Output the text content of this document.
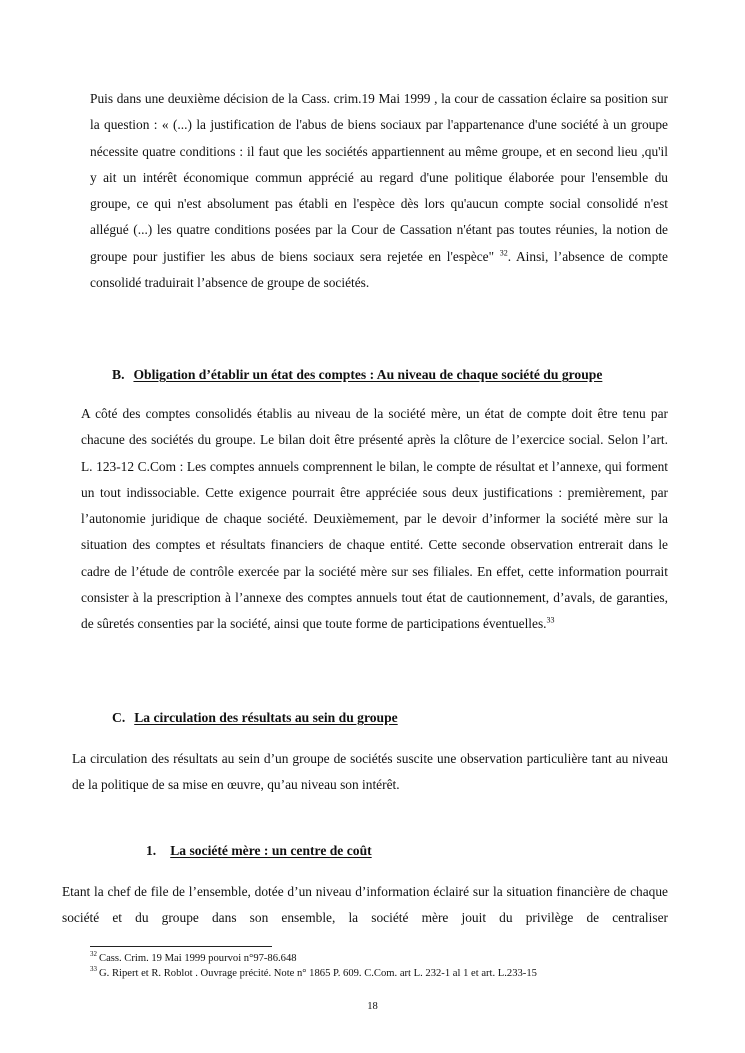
Puis dans une deuxième décision de la Cass. crim.19 Mai 1999 , la cour de cassation éclaire sa position sur la question : « (...) la justification de l'abus de biens sociaux par l'appartenance d'une société à un groupe nécessite quatre conditions : il faut que les sociétés appartiennent au même groupe, et en second lieu ,qu'il y ait un intérêt économique commun apprécié au regard d'une politique élaborée pour l'ensemble du groupe, ce qui n'est absolument pas établi en l'espèce dès lors qu'aucun compte social consolidé n'est allégué (...) les quatre conditions posées par la Cour de Cassation n'étant pas toutes réunies, la notion de groupe pour justifier les abus de biens sociaux sera rejetée en l'espèce" $^{32}$. Ainsi, l’absence de compte consolidé traduirait l’absence de groupe de sociétés.

B. Obligation d’établir un état des comptes : Au niveau de chaque société du groupe

A côté des comptes consolidés établis au niveau de la société mère, un état de compte doit être tenu par chacune des sociétés du groupe. Le bilan doit être présenté après la clôture de l’exercice social. Selon l’art. L. 123-12 C.Com : Les comptes annuels comprennent le bilan, le compte de résultat et l’annexe, qui forment un tout indissociable. Cette exigence pourrait être appréciée sous deux justifications : premièrement, par l’autonomie juridique de chaque société. Deuxièmement, par le devoir d’informer la société mère sur la situation des comptes et résultats financiers de chaque entité. Cette seconde observation entrerait dans le cadre de l’étude de contrôle exercée par la société mère sur ses filiales. En effet, cette information pourrait consister à la prescription à l’annexe des comptes annuels tout état de cautionnement, d’avals, de garanties, de sûretés consenties par la société, ainsi que toute forme de participations éventuelles.$^{33}$

C. La circulation des résultats au sein du groupe

La circulation des résultats au sein d’un groupe de sociétés suscite une observation particulière tant au niveau de la politique de sa mise en œuvre, qu’au niveau son intérêt.

1. La société mère : un centre de coût

Etant la chef de file de l’ensemble, dotée d’un niveau d’information éclairé sur la situation financière de chaque société et du groupe dans son ensemble, la société mère jouit du privilège de centraliser

$^{32}$ Cass. Crim. 19 Mai 1999 pourvoi n°97-86.648
$^{33}$ G. Ripert et R. Roblot . Ouvrage précité. Note n° 1865 P. 609. C.Com. art L. 232-1 al 1 et art. L.233-15
18
